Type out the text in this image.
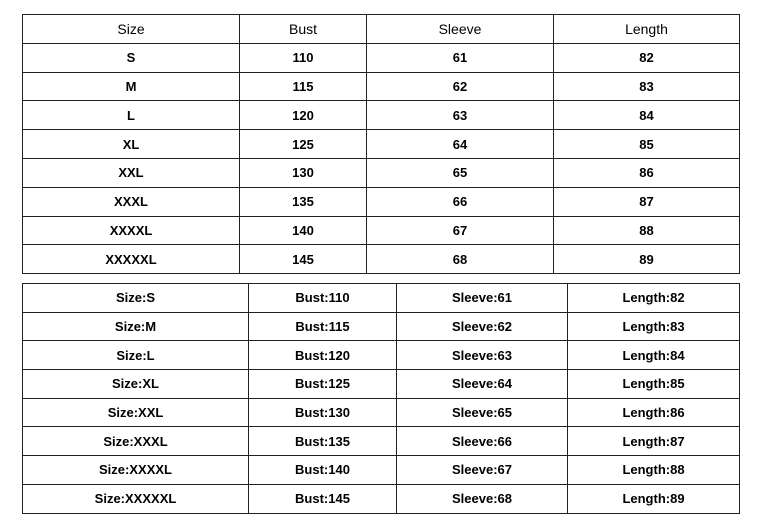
Size	Bust	Sleeve	Length
S	110	61	82
M	115	62	83
L	120	63	84
XL	125	64	85
XXL	130	65	86
XXXL	135	66	87
XXXXL	140	67	88
XXXXXL	145	68	89
Size:S	Bust:110	Sleeve:61	Length:82
Size:M	Bust:115	Sleeve:62	Length:83
Size:L	Bust:120	Sleeve:63	Length:84
Size:XL	Bust:125	Sleeve:64	Length:85
Size:XXL	Bust:130	Sleeve:65	Length:86
Size:XXXL	Bust:135	Sleeve:66	Length:87
Size:XXXXL	Bust:140	Sleeve:67	Length:88
Size:XXXXXL	Bust:145	Sleeve:68	Length:89
